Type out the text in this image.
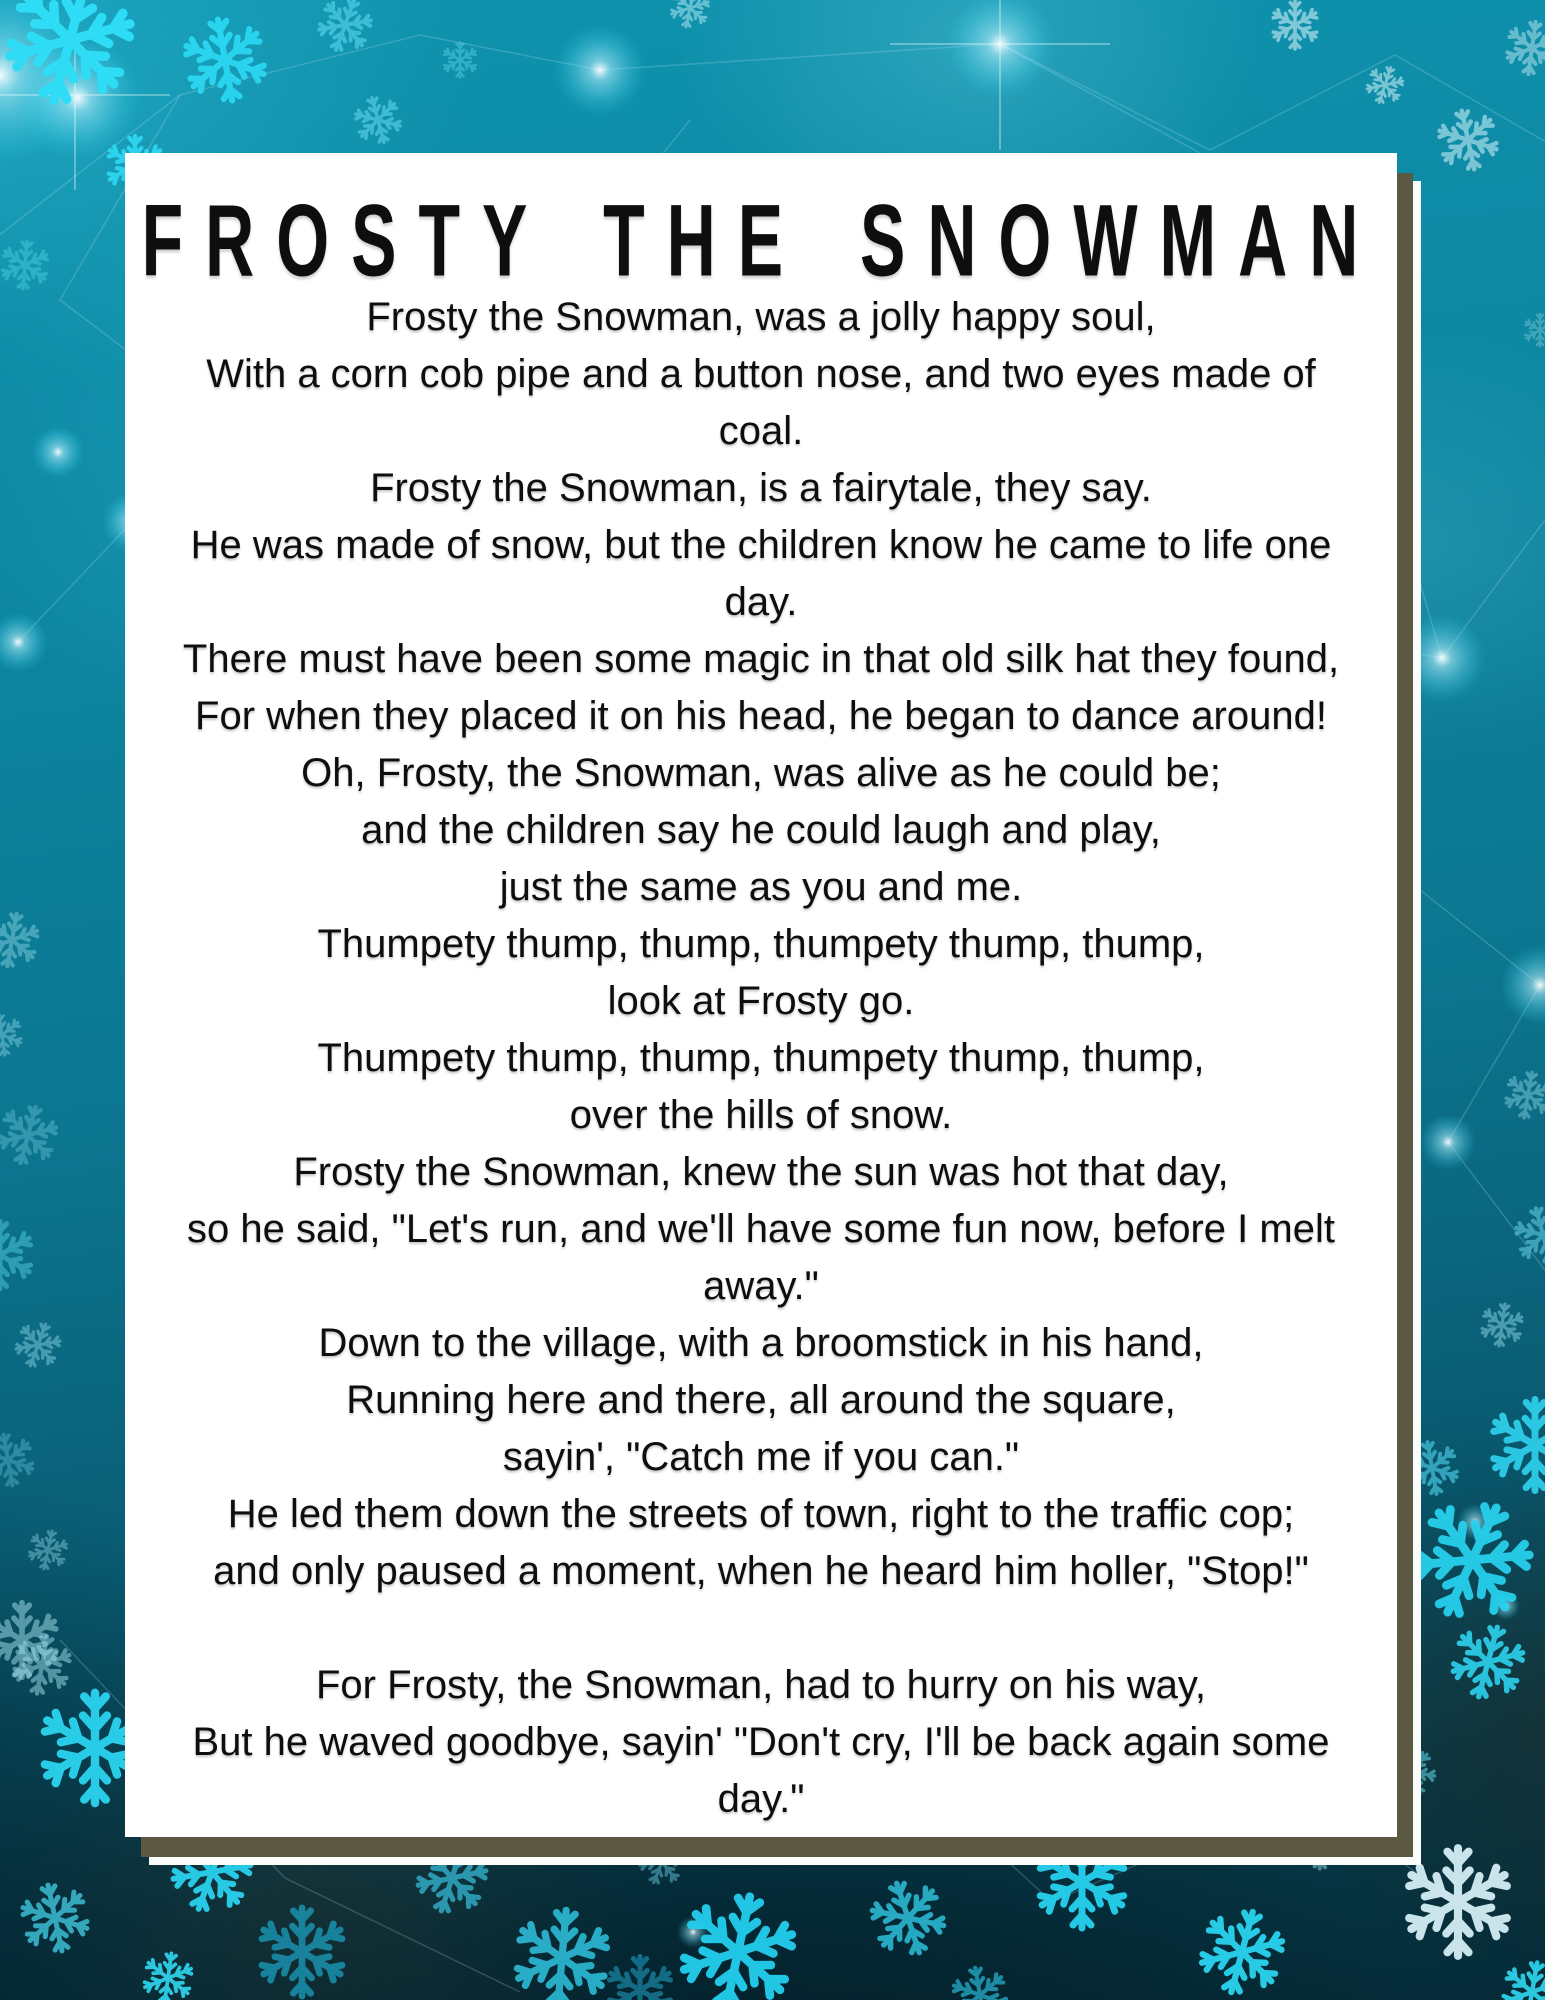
FROSTY THE SNOWMAN
Frosty the Snowman, was a jolly happy soul,
With a corn cob pipe and a button nose, and two eyes made of
coal.
Frosty the Snowman, is a fairytale, they say.
He was made of snow, but the children know he came to life one
day.
There must have been some magic in that old silk hat they found,
For when they placed it on his head, he began to dance around!
Oh, Frosty, the Snowman, was alive as he could be;
and the children say he could laugh and play,
just the same as you and me.
Thumpety thump, thump, thumpety thump, thump,
look at Frosty go.
Thumpety thump, thump, thumpety thump, thump,
over the hills of snow.
Frosty the Snowman, knew the sun was hot that day,
so he said, "Let's run, and we'll have some fun now, before I melt
away."
Down to the village, with a broomstick in his hand,
Running here and there, all around the square,
sayin', "Catch me if you can."
He led them down the streets of town, right to the traffic cop;
and only paused a moment, when he heard him holler, "Stop!"

For Frosty, the Snowman, had to hurry on his way,
But he waved goodbye, sayin' "Don't cry, I'll be back again some
day."
